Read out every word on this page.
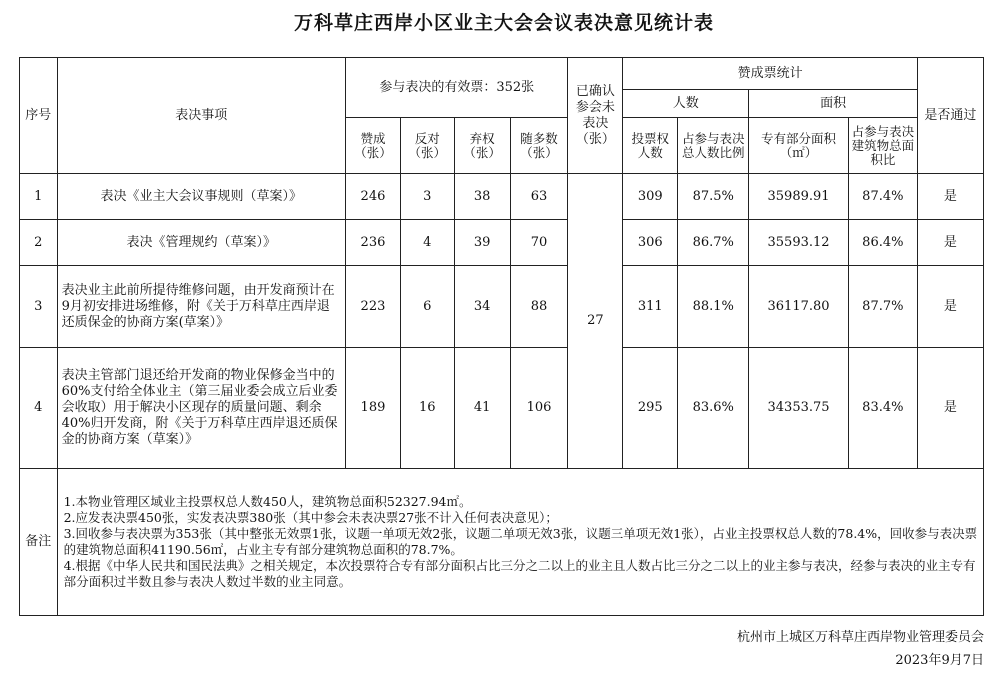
万科草庄西岸小区业主大会会议表决意见统计表
序号	表决事项	参与表决的有效票：352张				已确认参会未表决（张）	赞成票统计				是否通过
							人数		面积		
		赞成（张）	反对（张）	弃权（张）	随多数（张）		投票权人数	占参与表决总人数比例	专有部分面积（㎡）	占参与表决建筑物总面积比	
1	表决《业主大会议事规则（草案）》	246	3	38	63	27	309	87.5%	35989.91	87.4%	是
2	表决《管理规约（草案）》	236	4	39	70		306	86.7%	35593.12	86.4%	是
3	表决业主此前所提待维修问题，由开发商预计在9月初安排进场维修，附《关于万科草庄西岸退还质保金的协商方案(草案）》	223	6	34	88		311	88.1%	36117.80	87.7%	是
4	表决主管部门退还给开发商的物业保修金当中的60%支付给全体业主（第三届业委会成立后业委会收取）用于解决小区现存的质量问题、剩余40%归开发商，附《关于万科草庄西岸退还质保金的协商方案（草案）》	189	16	41	106		295	83.6%	34353.75	83.4%	是
备注	1.本物业管理区域业主投票权总人数450人，建筑物总面积52327.94㎡。
2.应发表决票450张，实发表决票380张（其中参会未表决票27张不计入任何表决意见）；
3.回收参与表决票为353张（其中整张无效票1张，议题一单项无效2张，议题二单项无效3张，议题三单项无效1张），占业主投票权总人数的78.4%，回收参与表决票的建筑物总面积41190.56㎡，占业主专有部分建筑物总面积的78.7%。
4.根据《中华人民共和国民法典》之相关规定，本次投票符合专有部分面积占比三分之二以上的业主且人数占比三分之二以上的业主参与表决，经参与表决的业主专有部分面积过半数且参与表决人数过半数的业主同意。										
杭州市上城区万科草庄西岸物业管理委员会
2023年9月7日
